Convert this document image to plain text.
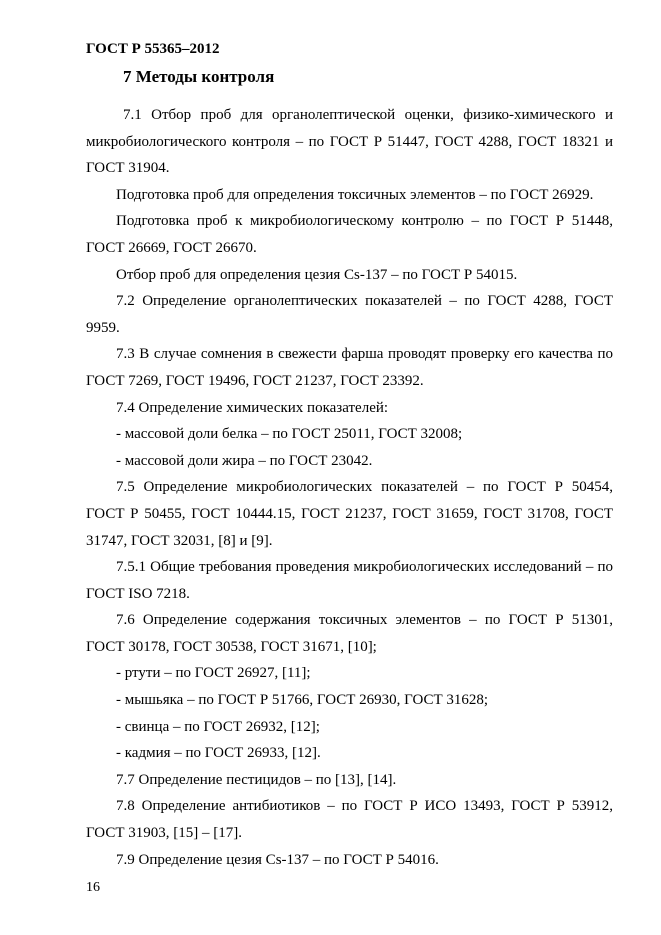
ГОСТ Р 55365–2012
7 Методы контроля

7.1 Отбор проб для органолептической оценки, физико-химического и микробиологического контроля – по ГОСТ Р 51447, ГОСТ 4288, ГОСТ 18321 и ГОСТ 31904.

Подготовка проб для определения токсичных элементов – по ГОСТ 26929.

Подготовка проб к микробиологическому контролю – по ГОСТ Р 51448, ГОСТ 26669, ГОСТ 26670.

Отбор проб для определения цезия Cs-137 – по ГОСТ Р 54015.

7.2 Определение органолептических показателей – по ГОСТ 4288, ГОСТ 9959.

7.3 В случае сомнения в свежести фарша проводят проверку его качества по ГОСТ 7269, ГОСТ 19496, ГОСТ 21237, ГОСТ 23392.

7.4 Определение химических показателей:

- массовой доли белка – по ГОСТ 25011, ГОСТ 32008;

- массовой доли жира – по ГОСТ 23042.

7.5 Определение микробиологических показателей – по ГОСТ Р 50454, ГОСТ Р 50455, ГОСТ 10444.15, ГОСТ 21237, ГОСТ 31659, ГОСТ 31708, ГОСТ 31747, ГОСТ 32031, [8] и [9].

7.5.1 Общие требования проведения микробиологических исследований – по ГОСТ ISO 7218.

7.6 Определение содержания токсичных элементов – по ГОСТ Р 51301, ГОСТ 30178, ГОСТ 30538, ГОСТ 31671, [10];

- ртути – по ГОСТ 26927, [11];

- мышьяка – по ГОСТ Р 51766, ГОСТ 26930, ГОСТ 31628;

- свинца – по ГОСТ 26932, [12];

- кадмия – по ГОСТ 26933, [12].

7.7 Определение пестицидов – по [13], [14].

7.8 Определение антибиотиков – по ГОСТ Р ИСО 13493, ГОСТ Р 53912, ГОСТ 31903, [15] – [17].

7.9 Определение цезия Cs-137 – по ГОСТ Р 54016.

16
